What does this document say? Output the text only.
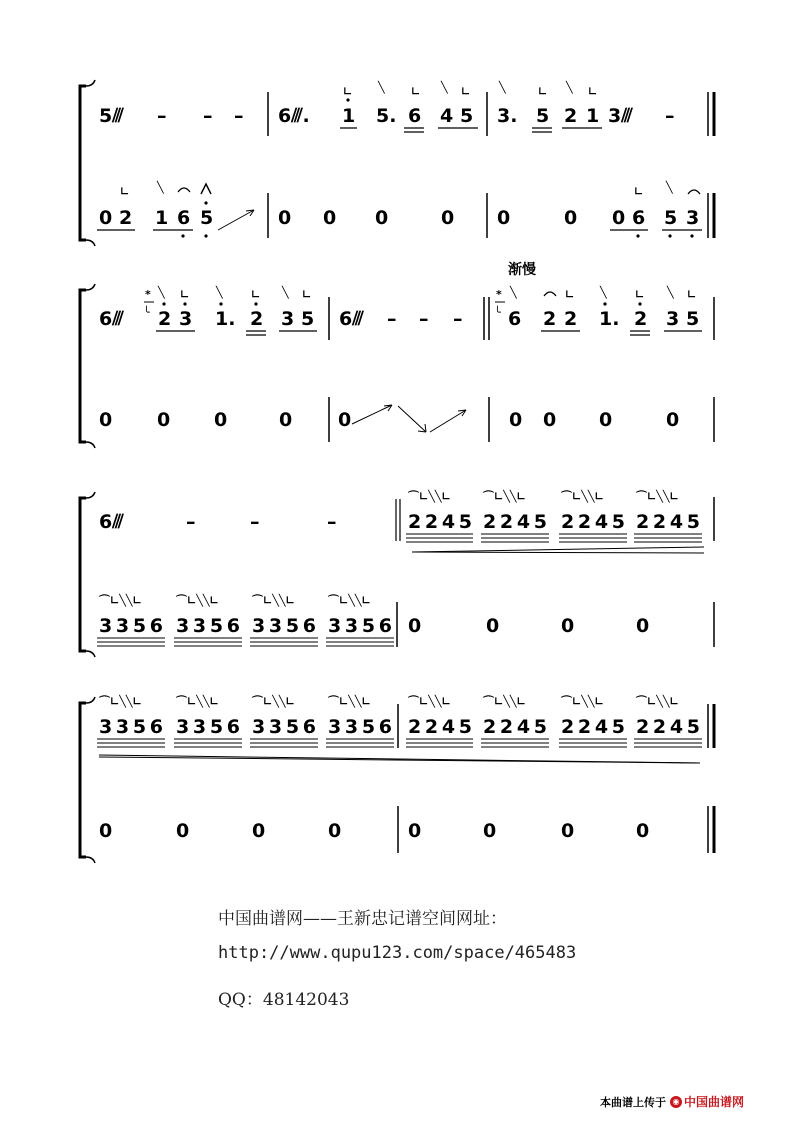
5⫻ – – – 6⫻. 1 5. 6 4 5
∟ ╲ ∟ ╲ ∟
3. 5 2 1 3⫻ –
╲	∟ ╲ ∟
0 2 1 6 5
∟	╲
0 0 0	0 0	0 0 6 5 3
∟ ╲
渐慢
6⫻
*
╰ 2 3 1. 2 3 5
╲ ∟ ╲	∟ ╲ ∟
6⫻ – – –
*
╰ 6 2 2 1. 2 3 5
╲	∟ ╲	∟ ╲ ∟
0 0 0	0 0	0 0 0	0
6⫻	–	–	–	2245 2245 2245 2245
⌒∟╲╲∟	⌒∟╲╲∟	⌒∟╲╲∟	⌒∟╲╲∟
3356 3356 3356 3356
⌒∟╲╲∟	⌒∟╲╲∟	⌒∟╲╲∟	⌒∟╲╲∟
0	0	0	0
3356 3356 3356 3356 2245 2245 2245 2245
⌒∟╲╲∟	⌒∟╲╲∟	⌒∟╲╲∟	⌒∟╲╲∟	⌒∟╲╲∟	⌒∟╲╲∟	⌒∟╲╲∟	⌒∟╲╲∟
0	0	0	0	0	0	0	0
中国曲谱网——王新忠记谱空间网址：
http://www.qupu123.com/space/465483
QQ：48142043
本曲谱上传于 ◉ 中国曲谱网
